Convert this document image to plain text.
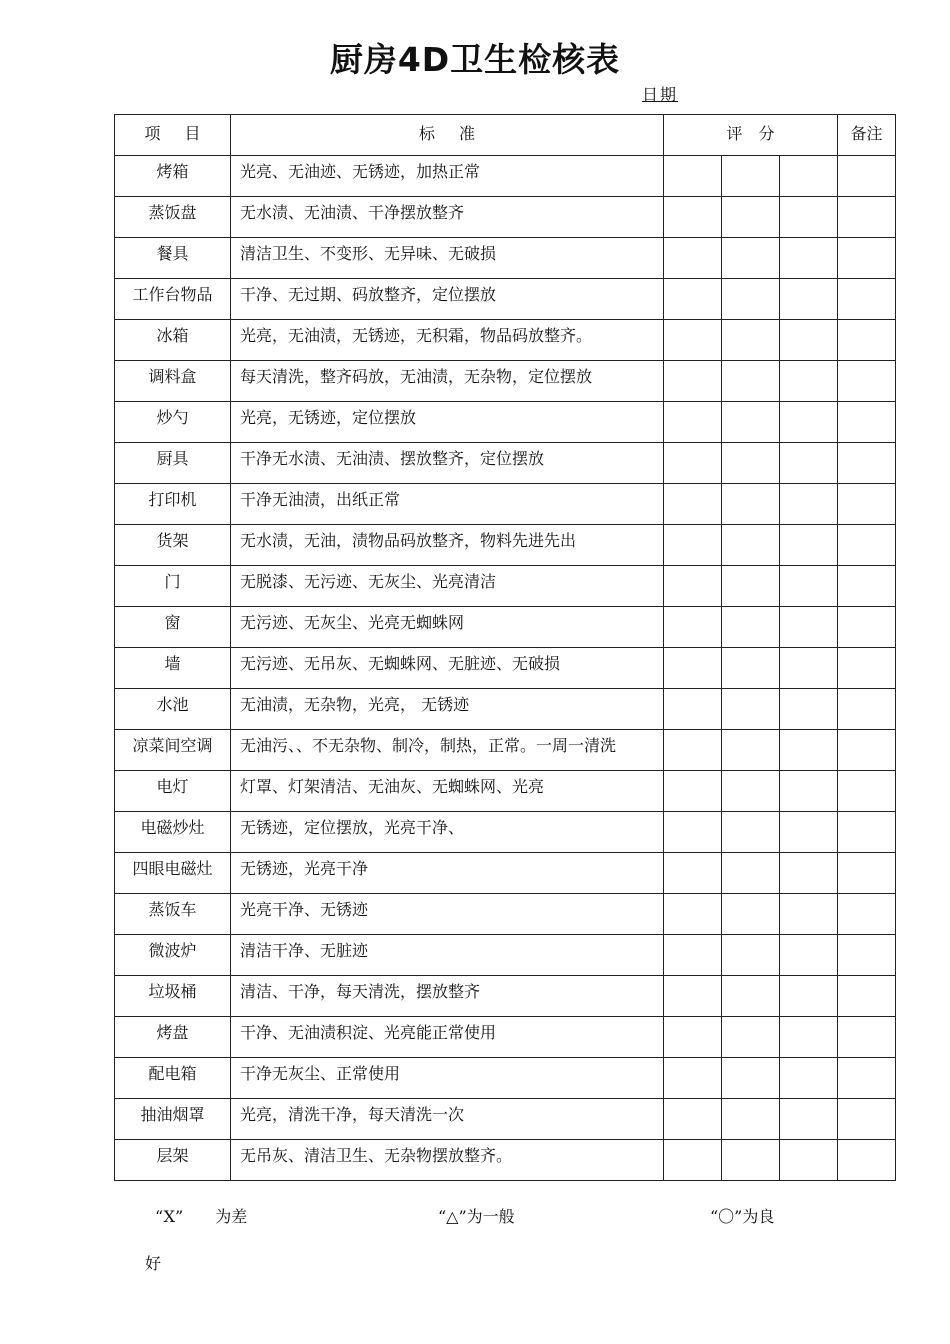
厨房4D卫生检核表
日期
项目	标准	评分			备注
烤箱	光亮、无油迹、无锈迹，加热正常				
蒸饭盘	无水渍、无油渍、干净摆放整齐				
餐具	清洁卫生、不变形、无异味、无破损				
工作台物品	干净、无过期、码放整齐，定位摆放				
冰箱	光亮，无油渍，无锈迹，无积霜，物品码放整齐。				
调料盒	每天清洗，整齐码放，无油渍，无杂物，定位摆放				
炒勺	光亮，无锈迹，定位摆放				
厨具	干净无水渍、无油渍、摆放整齐，定位摆放				
打印机	干净无油渍，出纸正常				
货架	无水渍，无油，渍物品码放整齐，物料先进先出				
门	无脱漆、无污迹、无灰尘、光亮清洁				
窗	无污迹、无灰尘、光亮无蜘蛛网				
墙	无污迹、无吊灰、无蜘蛛网、无脏迹、无破损				
水池	无油渍，无杂物，光亮， 无锈迹				
凉菜间空调	无油污、、不无杂物、制冷，制热，正常。一周一清洗				
电灯	灯罩、灯架清洁、无油灰、无蜘蛛网、光亮				
电磁炒灶	无锈迹，定位摆放，光亮干净、				
四眼电磁灶	无锈迹，光亮干净				
蒸饭车	光亮干净、无锈迹				
微波炉	清洁干净、无脏迹				
垃圾桶	清洁、干净，每天清洗，摆放整齐				
烤盘	干净、无油渍积淀、光亮能正常使用				
配电箱	干净无灰尘、正常使用				
抽油烟罩	光亮，清洗干净，每天清洗一次				
层架	无吊灰、清洁卫生、无杂物摆放整齐。				
“X”　　为差	“△”为一般	“〇”为良
好
